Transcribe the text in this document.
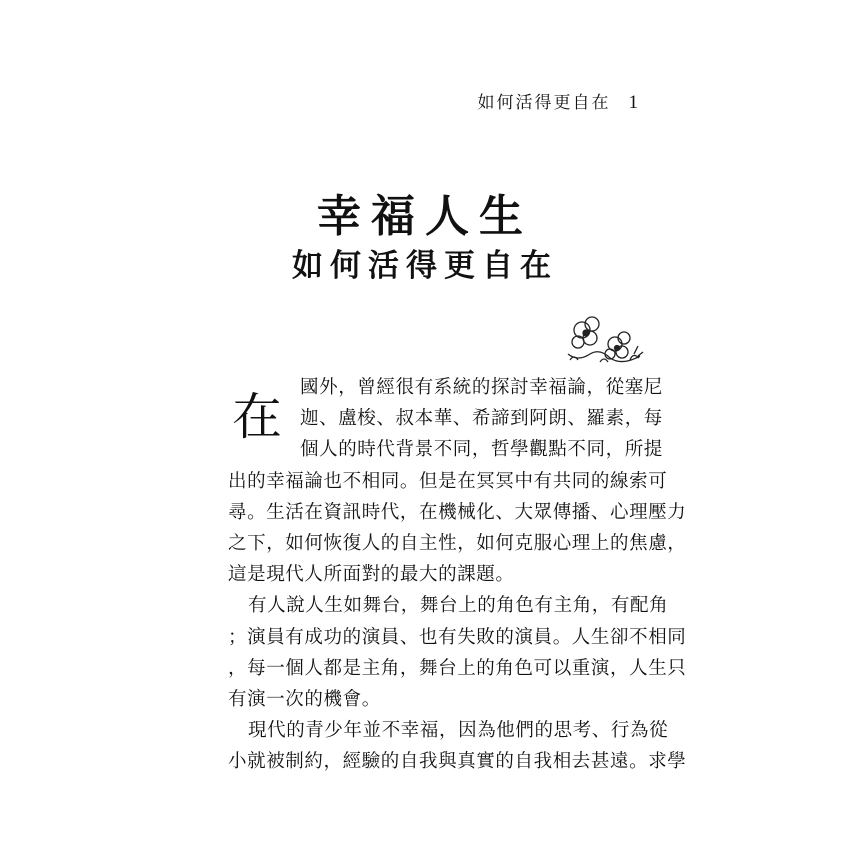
如何活得更自在 1
幸福人生
如何活得更自在
在
國外，曾經很有系統的探討幸福論，從塞尼
迦、盧梭、叔本華、希諦到阿朗、羅素，每
個人的時代背景不同，哲學觀點不同，所提
出的幸福論也不相同。但是在冥冥中有共同的線索可
尋。生活在資訊時代，在機械化、大眾傳播、心理壓力
之下，如何恢復人的自主性，如何克服心理上的焦慮，
這是現代人所面對的最大的課題。
有人說人生如舞台，舞台上的角色有主角，有配角
；演員有成功的演員、也有失敗的演員。人生卻不相同
，每一個人都是主角，舞台上的角色可以重演，人生只
有演一次的機會。
現代的青少年並不幸福，因為他們的思考、行為從
小就被制約，經驗的自我與真實的自我相去甚遠。求學
